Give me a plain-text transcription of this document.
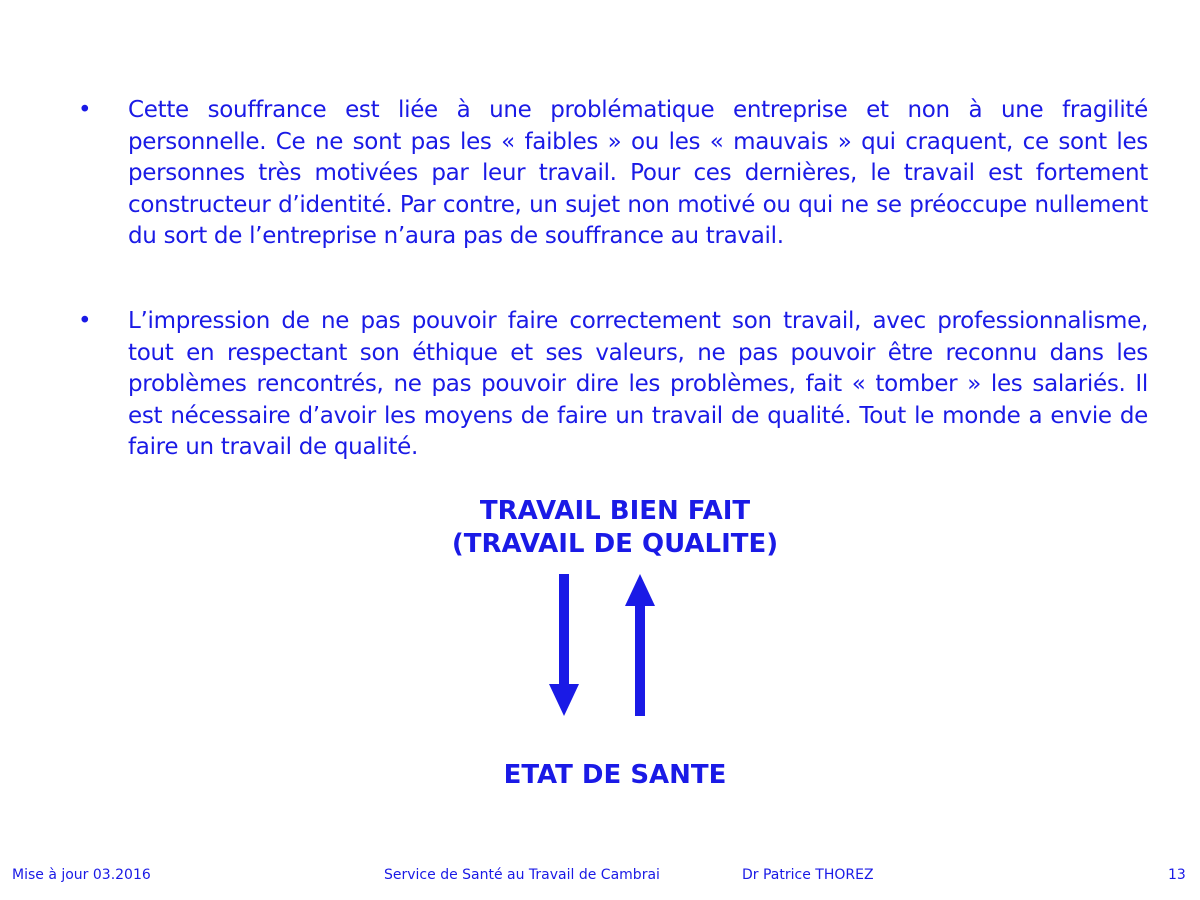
•	Cette souffrance est liée à une problématique entreprise et non à une fragilité personnelle. Ce ne sont pas les « faibles » ou les « mauvais » qui craquent, ce sont les personnes très motivées par leur travail. Pour ces dernières, le travail est fortement constructeur d’identité. Par contre, un sujet non motivé ou qui ne se préoccupe nullement du sort de l’entreprise n’aura pas de souffrance au travail.
•	L’impression de ne pas pouvoir faire correctement son travail, avec professionnalisme, tout en respectant son éthique et ses valeurs, ne pas pouvoir être reconnu dans les problèmes rencontrés, ne pas pouvoir dire les problèmes, fait « tomber » les salariés. Il est nécessaire d’avoir les moyens de faire un travail de qualité. Tout le monde a envie de faire un travail de qualité.
TRAVAIL BIEN FAIT
(TRAVAIL DE QUALITE)
ETAT DE SANTE
Mise à jour 03.2016	Service de Santé au Travail de Cambrai	Dr Patrice THOREZ	13
